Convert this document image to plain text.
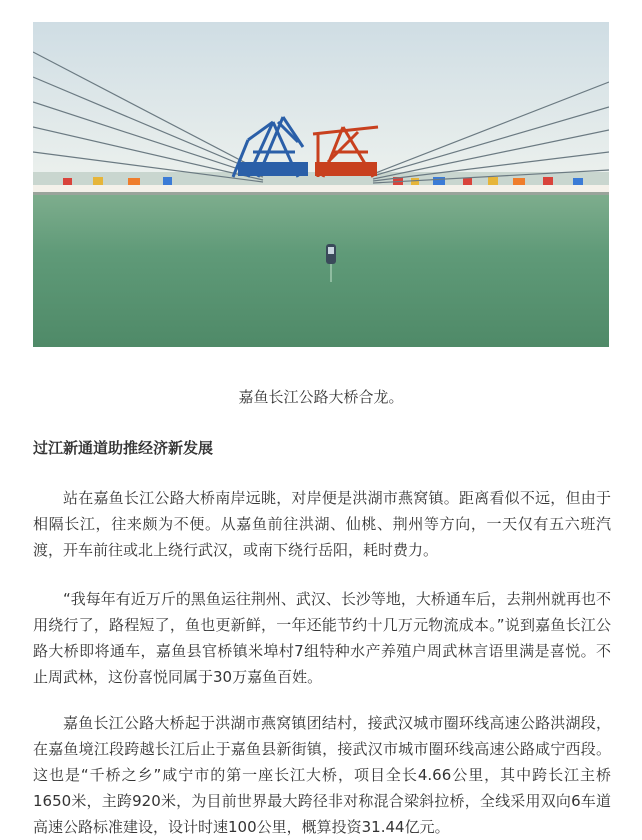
嘉鱼长江公路大桥合龙。
过江新通道助推经济新发展

站在嘉鱼长江公路大桥南岸远眺，对岸便是洪湖市燕窝镇。距离看似不远，但由于相隔长江，往来颇为不便。从嘉鱼前往洪湖、仙桃、荆州等方向，一天仅有五六班汽渡，开车前往或北上绕行武汉，或南下绕行岳阳，耗时费力。

“我每年有近万斤的黑鱼运往荆州、武汉、长沙等地，大桥通车后，去荆州就再也不用绕行了，路程短了，鱼也更新鲜，一年还能节约十几万元物流成本。”说到嘉鱼长江公路大桥即将通车，嘉鱼县官桥镇米埠村7组特种水产养殖户周武林言语里满是喜悦。不止周武林，这份喜悦同属于30万嘉鱼百姓。

嘉鱼长江公路大桥起于洪湖市燕窝镇团结村，接武汉城市圈环线高速公路洪湖段，在嘉鱼境江段跨越长江后止于嘉鱼县新街镇，接武汉市城市圈环线高速公路咸宁西段。这也是“千桥之乡”咸宁市的第一座长江大桥，项目全长4.66公里，其中跨长江主桥1650米，主跨920米，为目前世界最大跨径非对称混合梁斜拉桥，全线采用双向6车道高速公路标准建设，设计时速100公里，概算投资31.44亿元。
